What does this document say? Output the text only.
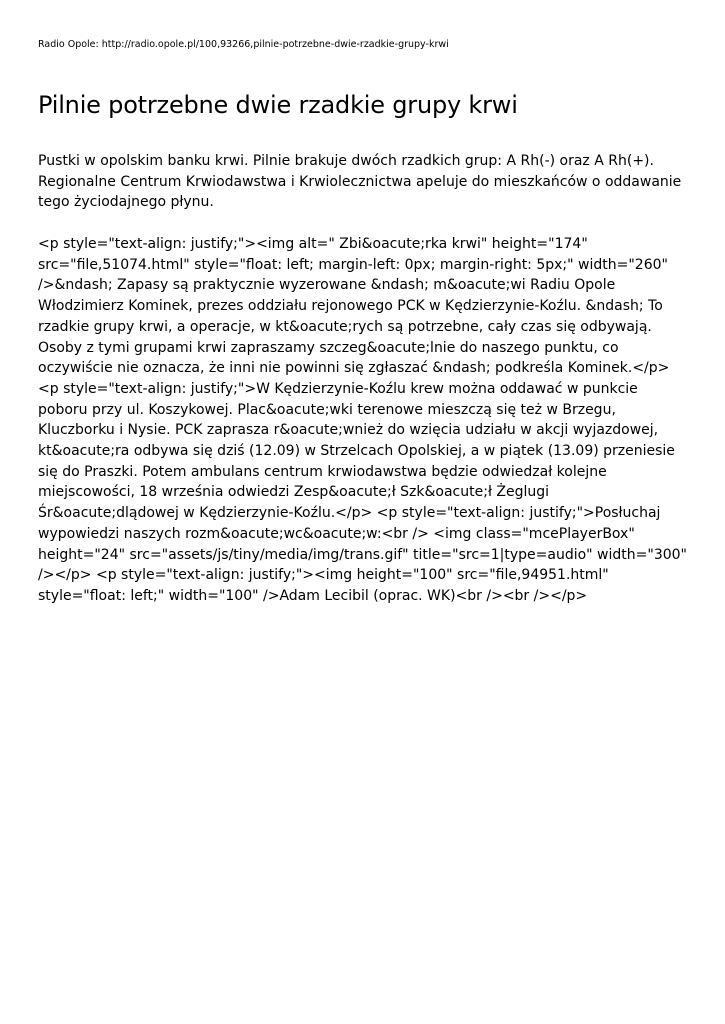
Radio Opole: http://radio.opole.pl/100,93266,pilnie-potrzebne-dwie-rzadkie-grupy-krwi
Pilnie potrzebne dwie rzadkie grupy krwi

Pustki w opolskim banku krwi. Pilnie brakuje dwóch rzadkich grup: A Rh(-) oraz A Rh(+). Regionalne Centrum Krwiodawstwa i Krwiolecznictwa apeluje do mieszkańców o oddawanie tego życiodajnego płynu.

<p style="text-align: justify;"><img alt=" Zbi&oacute;rka krwi" height="174" src="file,51074.html" style="float: left; margin-left: 0px; margin-right: 5px;" width="260" />&ndash; Zapasy są praktycznie wyzerowane &ndash; m&oacute;wi Radiu Opole Włodzimierz Kominek, prezes oddziału rejonowego PCK w Kędzierzynie-Koźlu. &ndash; To rzadkie grupy krwi, a operacje, w kt&oacute;rych są potrzebne, cały czas się odbywają. Osoby z tymi grupami krwi zapraszamy szczeg&oacute;lnie do naszego punktu, co oczywiście nie oznacza, że inni nie powinni się zgłaszać &ndash; podkreśla Kominek.</p> <p style="text-align: justify;">W Kędzierzynie-Koźlu krew można oddawać w punkcie poboru przy ul. Koszykowej. Plac&oacute;wki terenowe mieszczą się też w Brzegu, Kluczborku i Nysie. PCK zaprasza r&oacute;wnież do wzięcia udziału w akcji wyjazdowej, kt&oacute;ra odbywa się dziś (12.09) w Strzelcach Opolskiej, a w piątek (13.09) przeniesie się do Praszki. Potem ambulans centrum krwiodawstwa będzie odwiedzał kolejne miejscowości, 18 września odwiedzi Zesp&oacute;ł Szk&oacute;ł Żeglugi Śr&oacute;dlądowej w Kędzierzynie-Koźlu.</p> <p style="text-align: justify;">Posłuchaj wypowiedzi naszych rozm&oacute;wc&oacute;w:<br /> <img class="mcePlayerBox" height="24" src="assets/js/tiny/media/img/trans.gif" title="src=1|type=audio" width="300" /></p> <p style="text-align: justify;"><img height="100" src="file,94951.html" style="float: left;" width="100" />Adam Lecibil (oprac. WK)<br /><br /></p>
